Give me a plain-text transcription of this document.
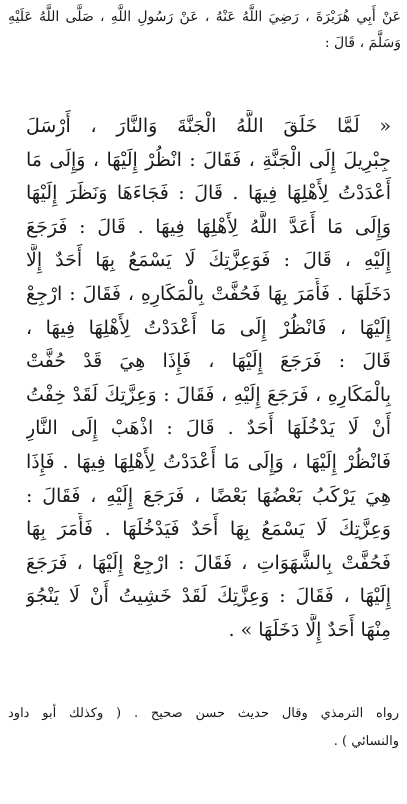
عَنْ أَبِي هُرَيْرَةَ ، رَضِيَ اللَّهُ عَنْهُ ، عَنْ رَسُولِ اللَّهِ ، صَلَّى اللَّهُ عَلَيْهِ وَسَلَّمَ ، قَالَ :
« لَمَّا خَلَقَ اللَّهُ الْجَنَّةَ وَالنَّارَ ، أَرْسَلَ
جِبْرِيلَ إِلَى الْجَنَّةِ ، فَقَالَ : انْظُرْ إِلَيْهَا ، وَإِلَى مَا
أَعْدَدْتُ لِأَهْلِهَا فِيهَا . قَالَ : فَجَاءَهَا وَنَظَرَ إِلَيْهَا
وَإِلَى مَا أَعَدَّ اللَّهُ لِأَهْلِهَا فِيهَا . قَالَ : فَرَجَعَ
إِلَيْهِ ، قَالَ : فَوَعِزَّتِكَ لَا يَسْمَعُ بِهَا أَحَدٌ إِلَّا
دَخَلَهَا . فَأَمَرَ بِهَا فَحُفَّتْ بِالْمَكَارِهِ ، فَقَالَ : ارْجِعْ
إِلَيْهَا ، فَانْظُرْ إِلَى مَا أَعْدَدْتُ لِأَهْلِهَا فِيهَا ،
قَالَ : فَرَجَعَ إِلَيْهَا ، فَإِذَا هِيَ قَدْ حُفَّتْ
بِالْمَكَارِهِ ، فَرَجَعَ إِلَيْهِ ، فَقَالَ : وَعِزَّتِكَ لَقَدْ خِفْتُ
أَنْ لَا يَدْخُلَهَا أَحَدٌ . قَالَ : اذْهَبْ إِلَى النَّارِ
فَانْظُرْ إِلَيْهَا ، وَإِلَى مَا أَعْدَدْتُ لِأَهْلِهَا فِيهَا . فَإِذَا
هِيَ يَرْكَبُ بَعْضُهَا بَعْضًا ، فَرَجَعَ إِلَيْهِ ، فَقَالَ :
وَعِزَّتِكَ لَا يَسْمَعُ بِهَا أَحَدٌ فَيَدْخُلَهَا . فَأَمَرَ بِهَا
فَحُفَّتْ بِالشَّهَوَاتِ ، فَقَالَ : ارْجِعْ إِلَيْهَا ، فَرَجَعَ
إِلَيْهَا ، فَقَالَ : وَعِزَّتِكَ لَقَدْ خَشِيتُ أَنْ لَا يَنْجُوَ
مِنْهَا أَحَدٌ إِلَّا دَخَلَهَا » .
رواه الترمذي وقال حديث حسن صحيح . ( وكذلك أبو داود
والنسائي ) .
